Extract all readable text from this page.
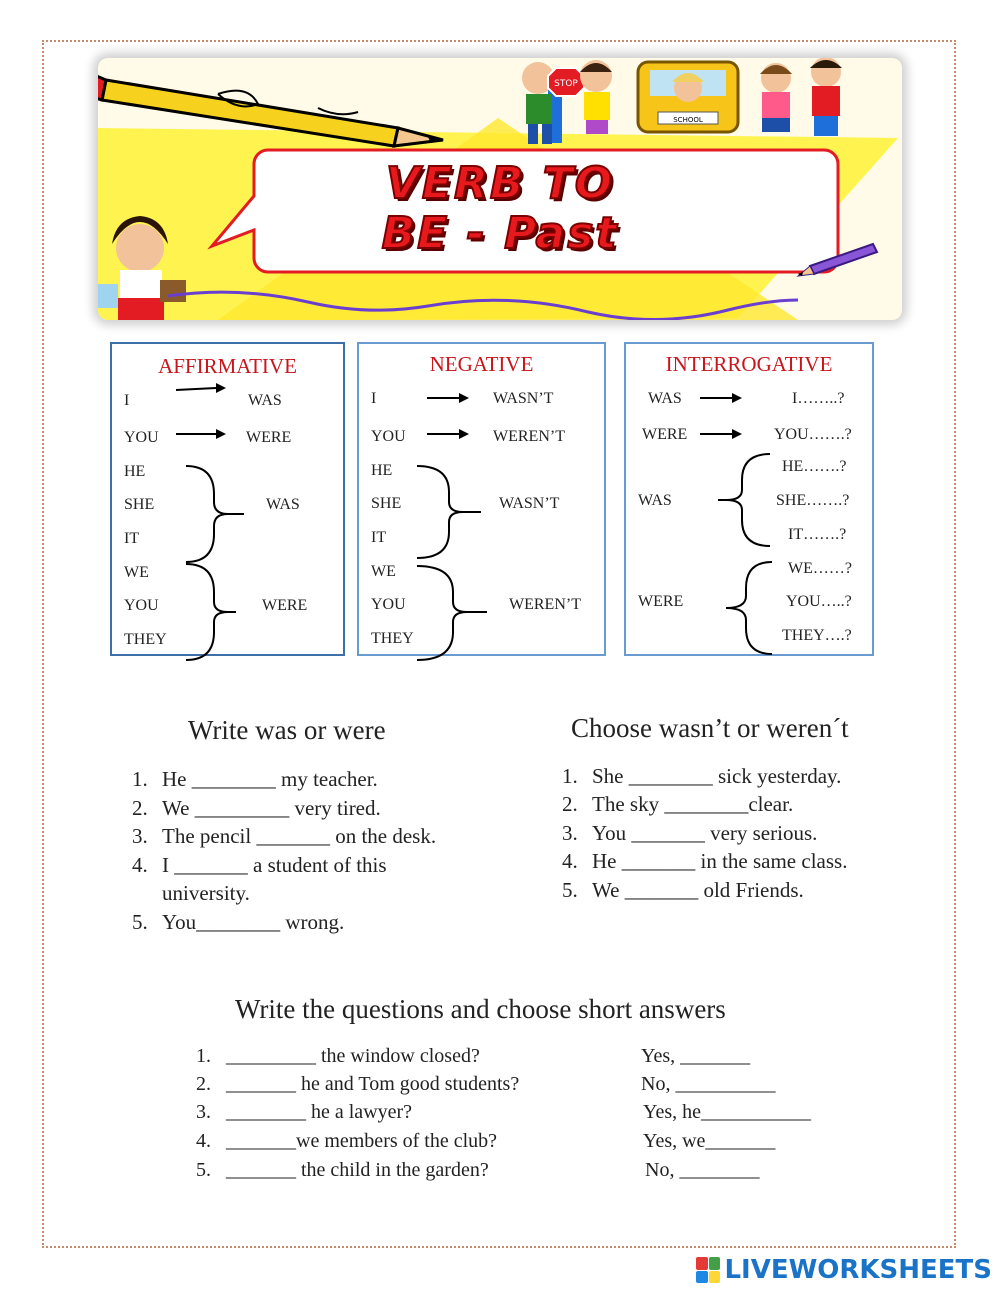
STOP
SCHOOL
VERB TO
BE - Past
AFFIRMATIVE
I	WAS
YOU	WERE
HE
SHE	WAS
IT
WE
YOU	WERE
THEY
NEGATIVE
I	WASN’T
YOU	WEREN’T
HE
SHE	WASN’T
IT
WE
YOU	WEREN’T
THEY
INTERROGATIVE
WAS	I……..?
WERE	YOU…….?
HE…….?
WAS	SHE…….?
IT…….?
WE……?
WERE	YOU…..?
THEY….?
Write was or were
1. He ________ my teacher.
2. We _________ very tired.
3. The pencil _______ on the desk.
4. I _______ a student of this
university.
5. You________ wrong.
Choose wasn’t or weren´t
1. She ________ sick yesterday.
2. The sky ________clear.
3. You _______ very serious.
4. He _______ in the same class.
5. We _______ old Friends.
Write the questions and choose short answers
1. _________ the window closed?	Yes, _______
2. _______ he and Tom good students?	No, __________
3. ________ he a lawyer?	Yes, he___________
4. _______we members of the club?	Yes, we_______
5. _______ the child in the garden?	No, ________
LIVEWORKSHEETS
